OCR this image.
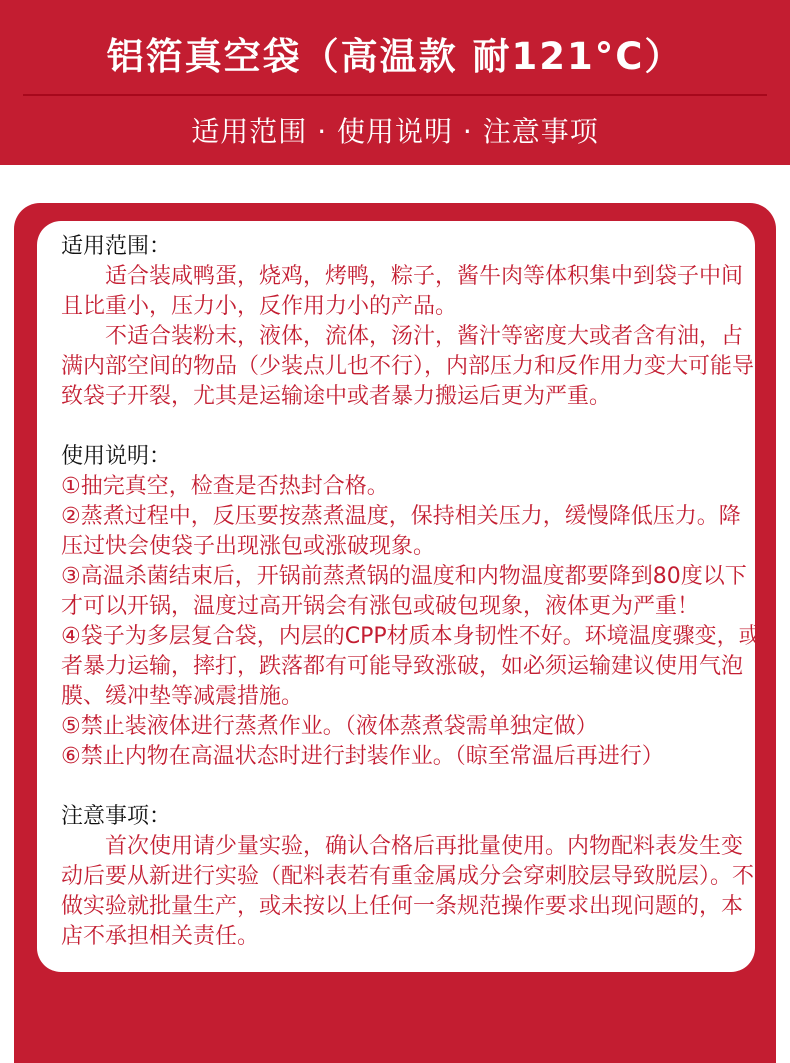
铝箔真空袋（高温款 耐121°C）
适用范围 · 使用说明 · 注意事项

适用范围：

适合装咸鸭蛋，烧鸡，烤鸭，粽子，酱牛肉等体积集中到袋子中间且比重小，压力小，反作用力小的产品。

不适合装粉末，液体，流体，汤汁，酱汁等密度大或者含有油，占满内部空间的物品（少装点儿也不行），内部压力和反作用力变大可能导致袋子开裂，尤其是运输途中或者暴力搬运后更为严重。

使用说明：

①抽完真空，检查是否热封合格。

②蒸煮过程中，反压要按蒸煮温度，保持相关压力，缓慢降低压力。降压过快会使袋子出现涨包或涨破现象。

③高温杀菌结束后，开锅前蒸煮锅的温度和内物温度都要降到80度以下才可以开锅，温度过高开锅会有涨包或破包现象，液体更为严重！

④袋子为多层复合袋，内层的CPP材质本身韧性不好。环境温度骤变，或者暴力运输，摔打，跌落都有可能导致涨破，如必须运输建议使用气泡膜、缓冲垫等减震措施。

⑤禁止装液体进行蒸煮作业。（液体蒸煮袋需单独定做）

⑥禁止内物在高温状态时进行封装作业。（晾至常温后再进行）

注意事项：

首次使用请少量实验，确认合格后再批量使用。内物配料表发生变动后要从新进行实验（配料表若有重金属成分会穿刺胶层导致脱层）。不做实验就批量生产，或未按以上任何一条规范操作要求出现问题的，本店不承担相关责任。
